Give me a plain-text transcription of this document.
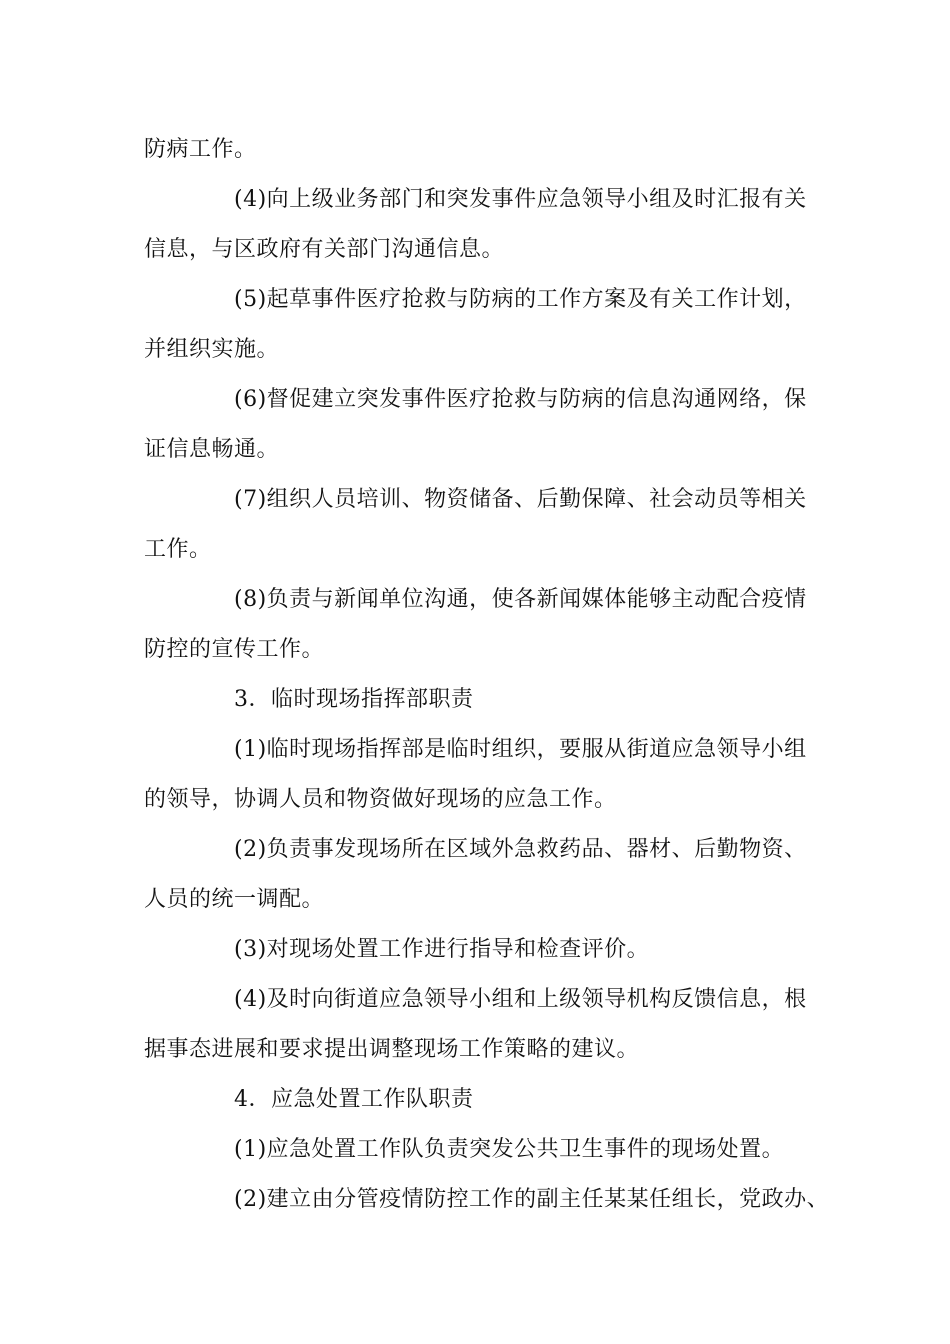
防病工作。
(4)向上级业务部门和突发事件应急领导小组及时汇报有关
信息，与区政府有关部门沟通信息。
(5)起草事件医疗抢救与防病的工作方案及有关工作计划，
并组织实施。
(6)督促建立突发事件医疗抢救与防病的信息沟通网络，保
证信息畅通。
(7)组织人员培训、物资储备、后勤保障、社会动员等相关
工作。
(8)负责与新闻单位沟通，使各新闻媒体能够主动配合疫情
防控的宣传工作。
3．临时现场指挥部职责
(1)临时现场指挥部是临时组织，要服从街道应急领导小组
的领导，协调人员和物资做好现场的应急工作。
(2)负责事发现场所在区域外急救药品、器材、后勤物资、
人员的统一调配。
(3)对现场处置工作进行指导和检查评价。
(4)及时向街道应急领导小组和上级领导机构反馈信息，根
据事态进展和要求提出调整现场工作策略的建议。
4．应急处置工作队职责
(1)应急处置工作队负责突发公共卫生事件的现场处置。
(2)建立由分管疫情防控工作的副主任某某任组长，党政办、
